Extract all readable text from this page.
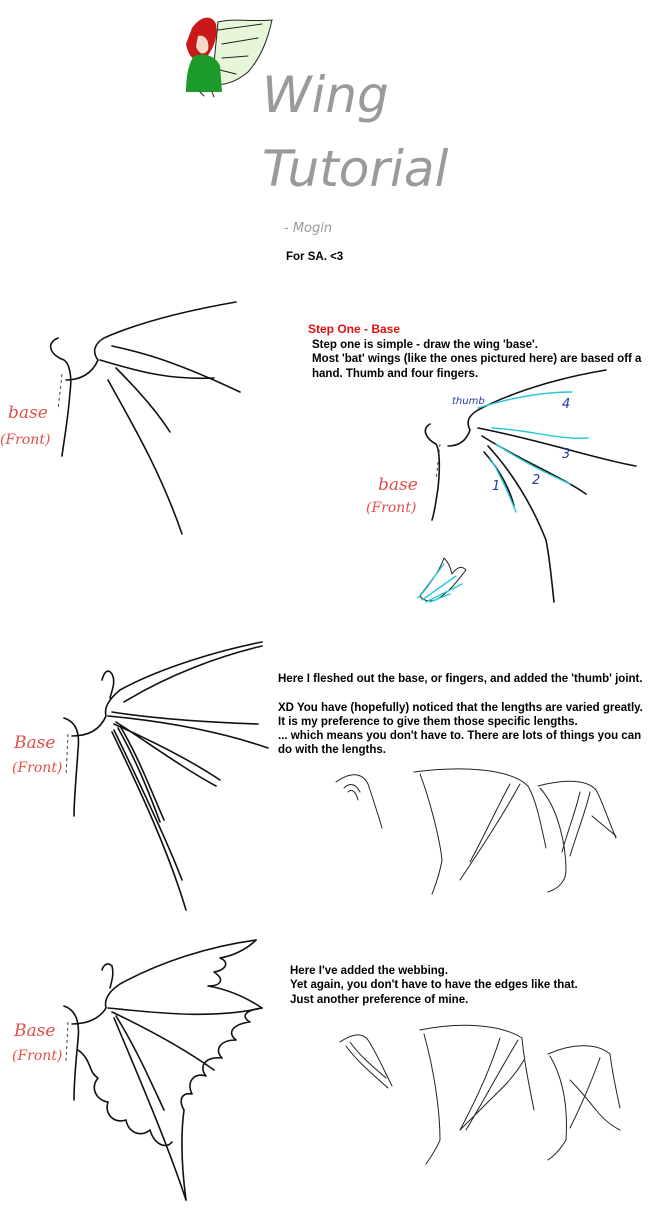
Wing
Tutorial
- Mogin
base
(Front)
thumb
1 2
3
4
base
(Front)
Base
(Front)
Base
(Front)

For SA. <3

Step One - Base

Step one is simple - draw the wing 'base'.

Most 'bat' wings (like the ones pictured here) are based off a

hand. Thumb and four fingers.

Here I fleshed out the base, or fingers, and added the 'thumb' joint.

XD You have (hopefully) noticed that the lengths are varied greatly.

It is my preference to give them those specific lengths.

... which means you don't have to. There are lots of things you can

do with the lengths.

Here I've added the webbing.

Yet again, you don't have to have the edges like that.

Just another preference of mine.
